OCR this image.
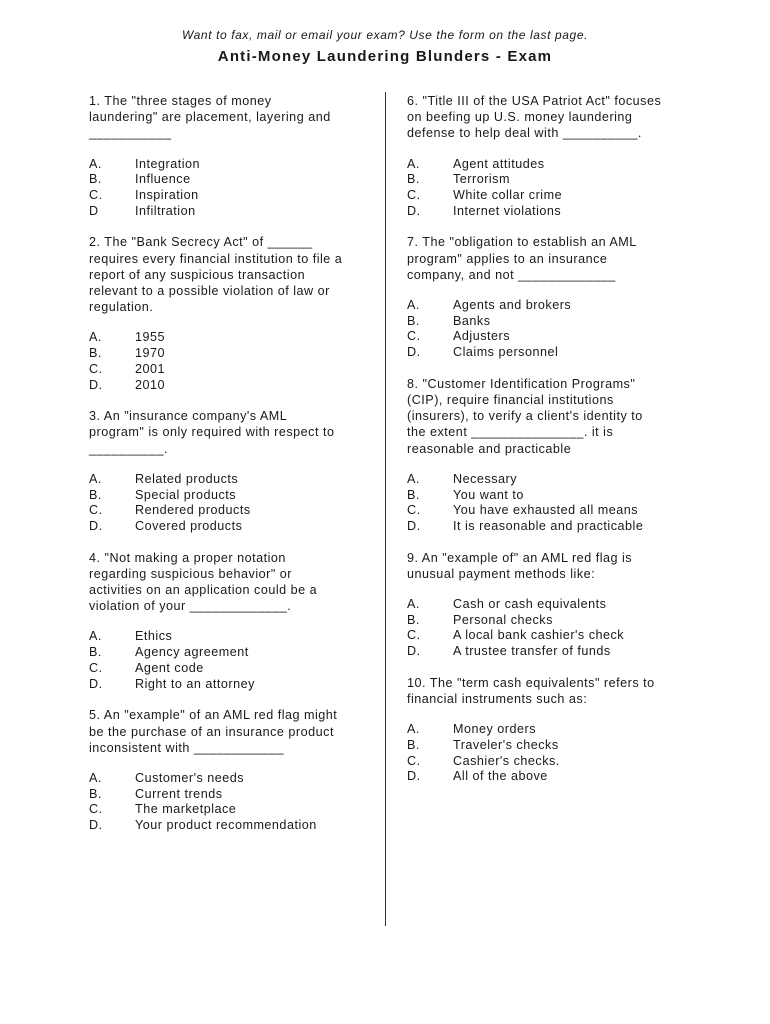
Want to fax, mail or email your exam? Use the form on the last page.
Anti-Money Laundering Blunders - Exam
1. The "three stages of money
laundering" are placement, layering and
___________
A.	Integration
B.	Influence
C.	Inspiration
D	Infiltration
2. The "Bank Secrecy Act" of ______
requires every financial institution to file a
report of any suspicious transaction
relevant to a possible violation of law or
regulation.
A.	1955
B.	1970
C.	2001
D.	2010
3. An "insurance company's AML
program" is only required with respect to
__________.
A.	Related products
B.	Special products
C.	Rendered products
D.	Covered products
4. "Not making a proper notation
regarding suspicious behavior" or
activities on an application could be a
violation of your _____________.
A.	Ethics
B.	Agency agreement
C.	Agent code
D.	Right to an attorney
5. An "example" of an AML red flag might
be the purchase of an insurance product
inconsistent with ____________
A.	Customer's needs
B.	Current trends
C.	The marketplace
D.	Your product recommendation
6. "Title III of the USA Patriot Act" focuses
on beefing up U.S. money laundering
defense to help deal with __________.
A.	Agent attitudes
B.	Terrorism
C.	White collar crime
D.	Internet violations
7. The "obligation to establish an AML
program" applies to an insurance
company, and not _____________
A.	Agents and brokers
B.	Banks
C.	Adjusters
D.	Claims personnel
8. "Customer Identification Programs"
(CIP), require financial institutions
(insurers), to verify a client's identity to
the extent _______________. it is
reasonable and practicable
A.	Necessary
B.	You want to
C.	You have exhausted all means
D.	It is reasonable and practicable
9. An "example of" an AML red flag is
unusual payment methods like:
A.	Cash or cash equivalents
B.	Personal checks
C.	A local bank cashier's check
D.	A trustee transfer of funds
10. The "term cash equivalents" refers to
financial instruments such as:
A.	Money orders
B.	Traveler's checks
C.	Cashier's checks.
D.	All of the above
